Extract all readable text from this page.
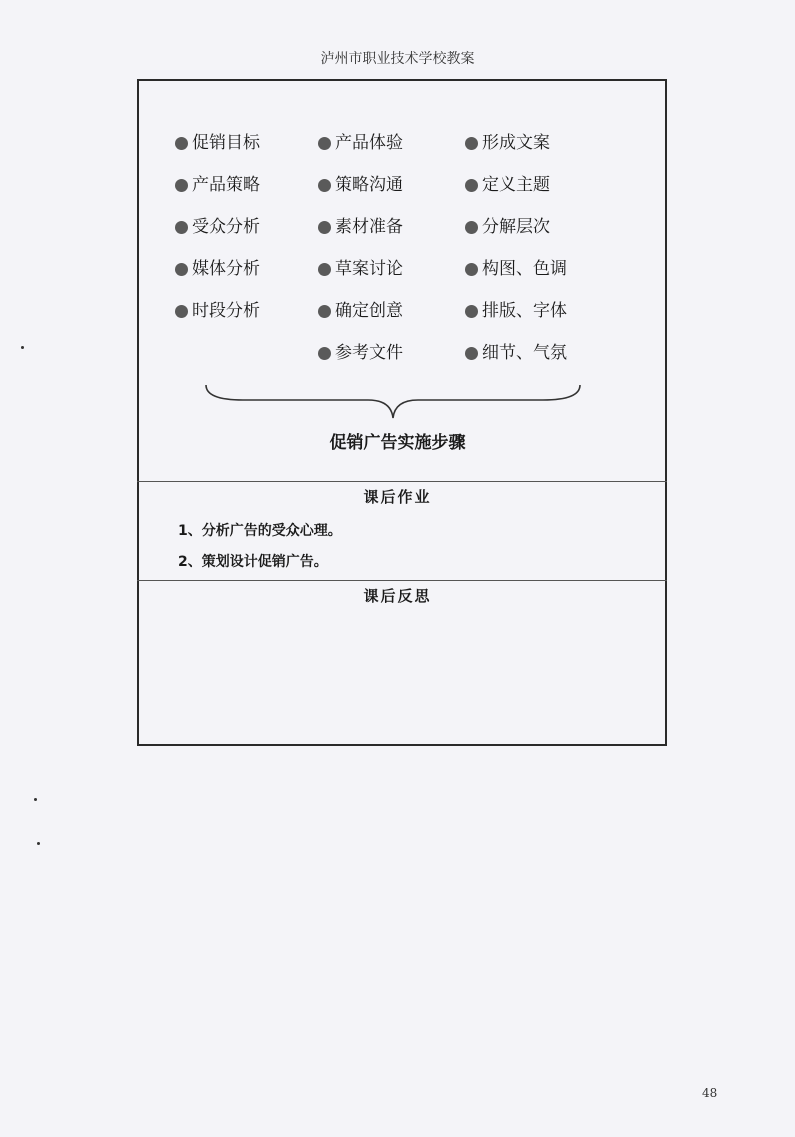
泸州市职业技术学校教案
促销目标
产品策略
受众分析
媒体分析
时段分析
产品体验
策略沟通
素材准备
草案讨论
确定创意
参考文件
形成文案
定义主题
分解层次
构图、色调
排版、字体
细节、气氛
促销广告实施步骤
课后作业
1、分析广告的受众心理。
2、策划设计促销广告。
课后反思
48
